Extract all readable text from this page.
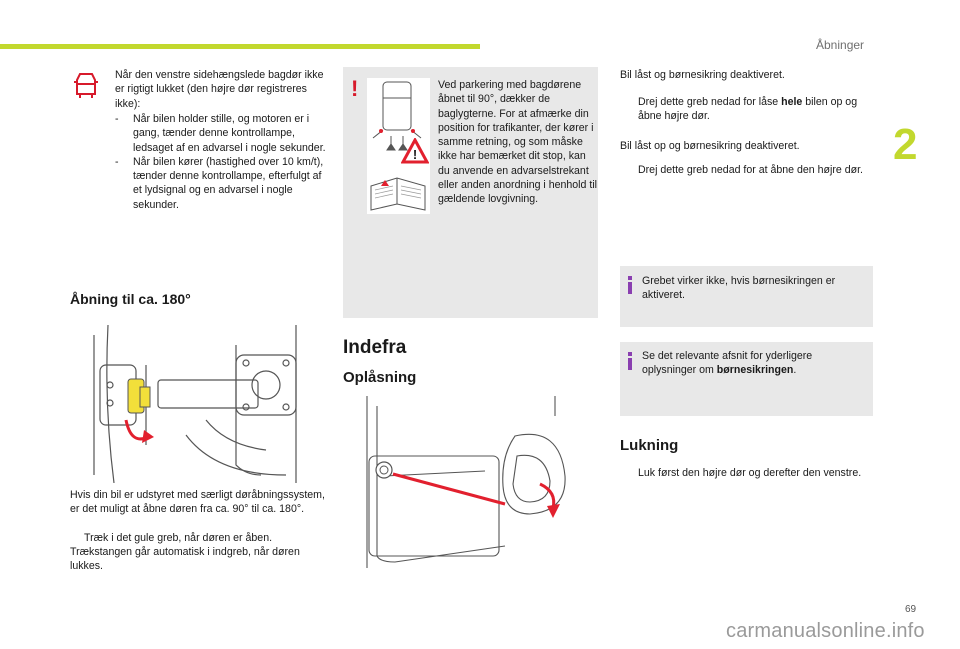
Åbninger
2
Når den venstre sidehængslede bagdør ikke er rigtigt lukket (den højre dør registreres ikke):
- Når bilen holder stille, og motoren er i gang, tænder denne kontrollampe, ledsaget af en advarsel i nogle sekunder.
- Når bilen kører (hastighed over 10 km/t), tænder denne kontrollampe, efterfulgt af et lydsignal og en advarsel i nogle sekunder.
Åbning til ca. 180°
Hvis din bil er udstyret med særligt døråbningssystem, er det muligt at åbne døren fra ca. 90° til ca. 180°.
Træk i det gule greb, når døren er åben.
Trækstangen går automatisk i indgreb, når døren lukkes.
!
!
Ved parkering med bagdørene åbnet til 90°, dækker de baglygterne. For at afmærke din position for trafikanter, der kører i samme retning, og som måske ikke har bemærket dit stop, kan du anvende en advarselstrekant eller anden anordning i henhold til gældende lovgivning.
Indefra
Oplåsning
Bil låst og børnesikring deaktiveret.
Drej dette greb nedad for låse hele bilen op og åbne højre dør.
Bil låst op og børnesikring deaktiveret.
Drej dette greb nedad for at åbne den højre dør.
Grebet virker ikke, hvis børnesikringen er aktiveret.
Se det relevante afsnit for yderligere oplysninger om børnesikringen.
Lukning
Luk først den højre dør og derefter den venstre.
69
carmanualsonline.info
